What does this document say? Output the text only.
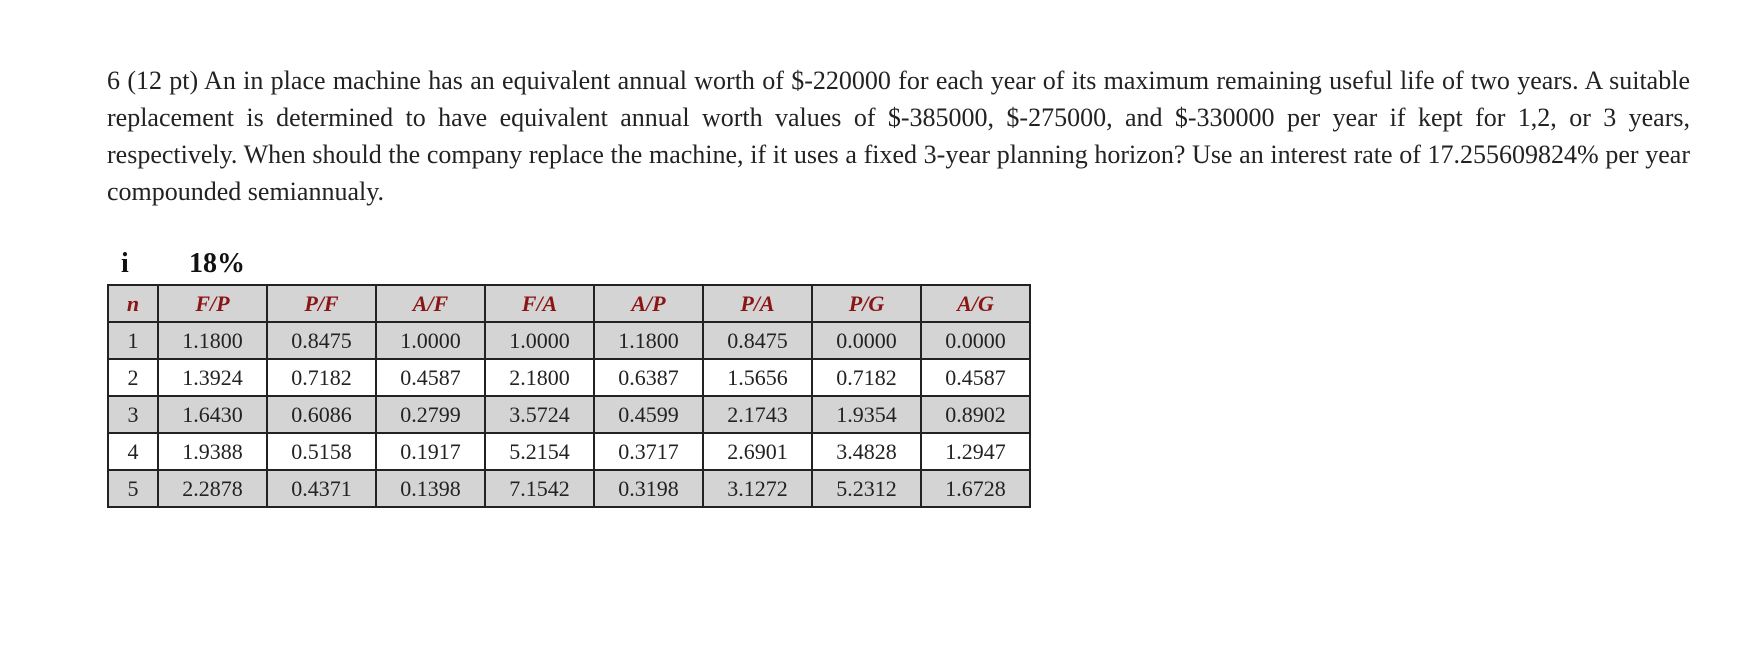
6 (12 pt) An in place machine has an equivalent annual worth of $-220000 for each year of its maximum remaining useful life of two years. A suitable replacement is determined to have equivalent annual worth values of $-385000, $-275000, and $-330000 per year if kept for 1,2, or 3 years, respectively. When should the company replace the machine, if it uses a fixed 3-year planning horizon? Use an interest rate of 17.255609824% per year compounded semiannualy.

i 18%
n	F/P	P/F	A/F	F/A	A/P	P/A	P/G	A/G
1	1.1800	0.8475	1.0000	1.0000	1.1800	0.8475	0.0000	0.0000
2	1.3924	0.7182	0.4587	2.1800	0.6387	1.5656	0.7182	0.4587
3	1.6430	0.6086	0.2799	3.5724	0.4599	2.1743	1.9354	0.8902
4	1.9388	0.5158	0.1917	5.2154	0.3717	2.6901	3.4828	1.2947
5	2.2878	0.4371	0.1398	7.1542	0.3198	3.1272	5.2312	1.6728
